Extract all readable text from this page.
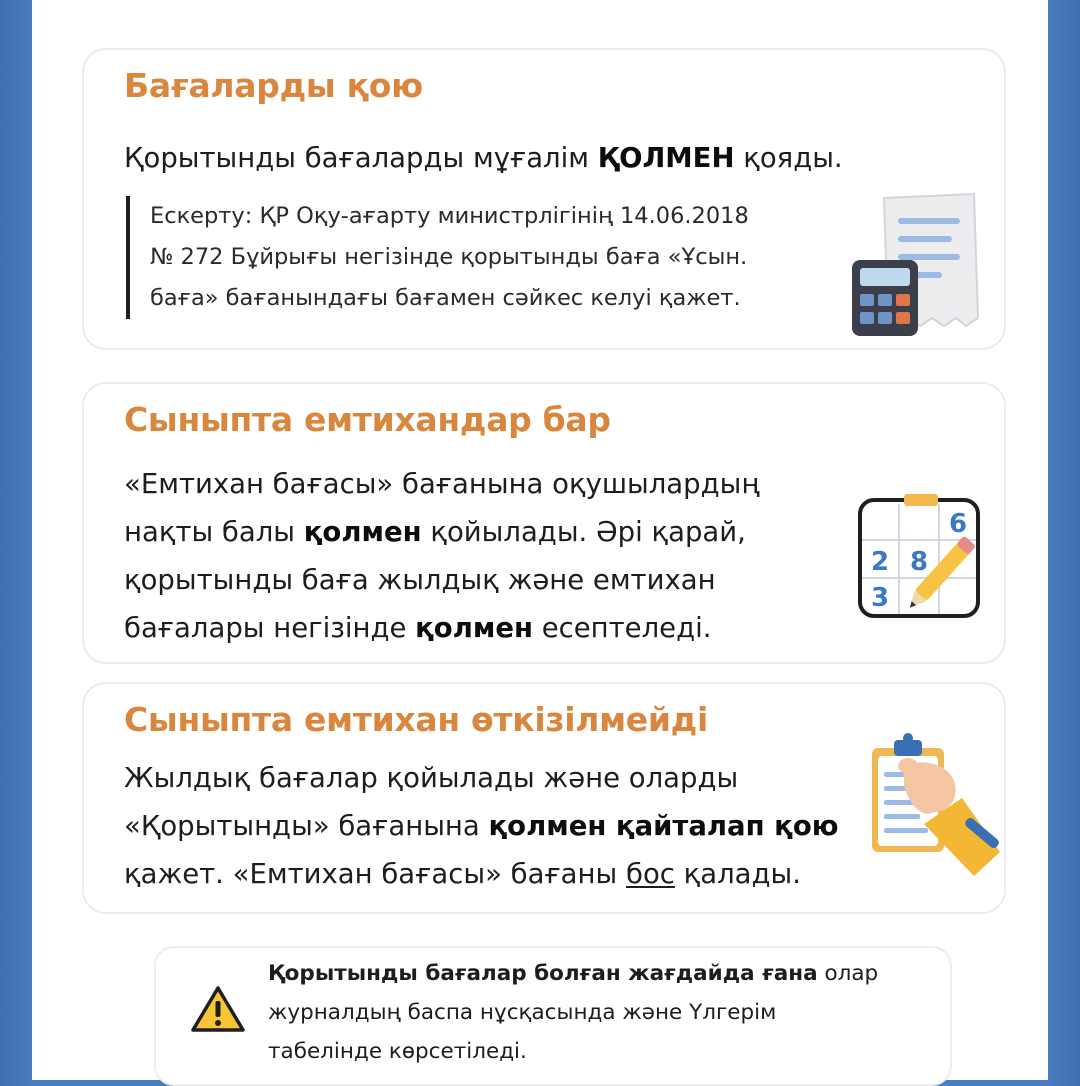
Бағаларды қою

Қорытынды бағаларды мұғалім ҚОЛМЕН қояды.

Ескерту: ҚР Оқу-ағарту министрлігінің 14.06.2018
№ 272 Бұйрығы негізінде қорытынды баға «Ұсын.
баға» бағанындағы бағамен сәйкес келуі қажет.
Сыныпта емтихандар бар
«Емтихан бағасы» бағанына оқушылардың
нақты балы қолмен қойылады. Әрі қарай,
қорытынды баға жылдық және емтихан
бағалары негізінде қолмен есептеледі.
6
2 8
3
Сыныпта емтихан өткізілмейді
Жылдық бағалар қойылады және оларды
«Қорытынды» бағанына қолмен қайталап қою
қажет. «Емтихан бағасы» бағаны бос қалады.
Қорытынды бағалар болған жағдайда ғана олар
журналдың баспа нұсқасында және Үлгерім
табелінде көрсетіледі.
